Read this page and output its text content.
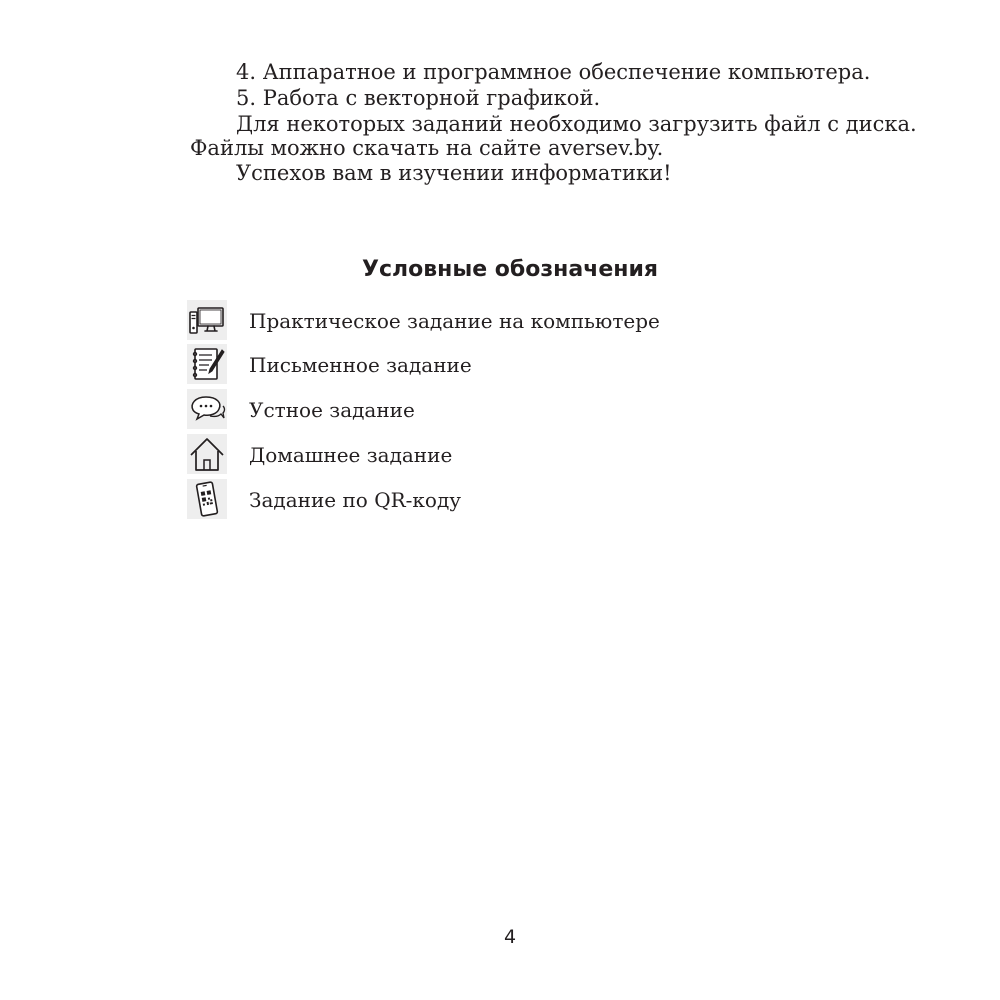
4. Аппаратное и программное обеспечение компьютера.
5. Работа с векторной графикой.
Для некоторых заданий необходимо загрузить файл с диска.
Файлы можно скачать на сайте aversev.by.
Успехов вам в изучении информатики!
Условные обозначения
Практическое задание на компьютере
Письменное задание
Устное задание
Домашнее задание
Задание по QR-коду
4
